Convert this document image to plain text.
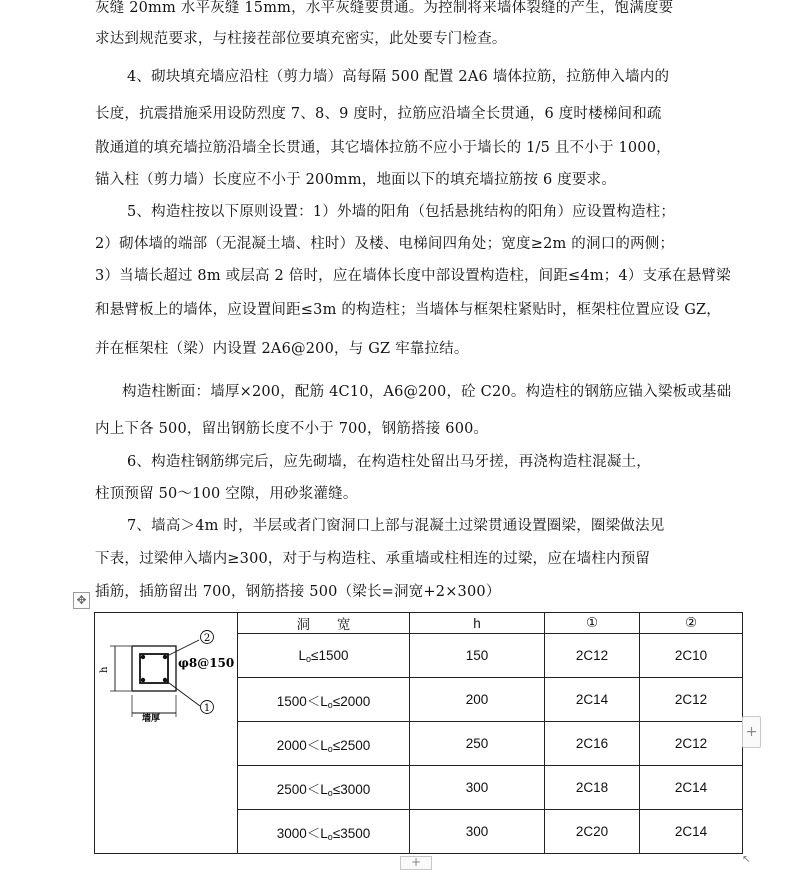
灰缝 20mm 水平灰缝 15mm，水平灰缝要贯通。为控制将来墙体裂缝的产生，饱满度要
求达到规范要求，与柱接茬部位要填充密实，此处要专门检查。
4、砌块填充墙应沿柱（剪力墙）高每隔 500 配置 2A6 墙体拉筋，拉筋伸入墙内的
长度，抗震措施采用设防烈度 7、8、9 度时，拉筋应沿墙全长贯通，6 度时楼梯间和疏
散通道的填充墙拉筋沿墙全长贯通，其它墙体拉筋不应小于墙长的 1/5 且不小于 1000，
锚入柱（剪力墙）长度应不小于 200mm，地面以下的填充墙拉筋按 6 度要求。
5、构造柱按以下原则设置：1）外墙的阳角（包括悬挑结构的阳角）应设置构造柱；
2）砌体墙的端部（无混凝土墙、柱时）及楼、电梯间四角处；宽度≥2m 的洞口的两侧；
3）当墙长超过 8m 或层高 2 倍时，应在墙体长度中部设置构造柱，间距≤4m；4）支承在悬臂梁
和悬臂板上的墙体，应设置间距≤3m 的构造柱；当墙体与框架柱紧贴时，框架柱位置应设 GZ，
并在框架柱（梁）内设置 2A6@200，与 GZ 牢靠拉结。
构造柱断面：墙厚×200，配筋 4C10，A6@200，砼 C20。构造柱的钢筋应锚入梁板或基础
内上下各 500，留出钢筋长度不小于 700，钢筋搭接 600。
6、构造柱钢筋绑完后，应先砌墙，在构造柱处留出马牙搓，再浇构造柱混凝土，
柱顶预留 50～100 空隙，用砂浆灌缝。
7、墙高＞4m 时，半层或者门窗洞口上部与混凝土过梁贯通设置圈梁，圈梁做法见
下表，过梁伸入墙内≥300，对于与构造柱、承重墙或柱相连的过梁，应在墙柱内预留
插筋，插筋留出 700，钢筋搭接 500（梁长=洞宽+2×300）
✥
2
1
φ8@150
h
墙厚	洞　　宽	h	①	②
	$L_o\le 1500$	150	2C12	2C10
	$1500<L_o\le 2000$	200	2C14	2C12
	$2000<L_o\le 2500$	250	2C16	2C12
	$2500<L_o\le 3000$	300	2C18	2C14
	$3000<L_o\le 3500$	300	2C20	2C14
+
+	↖
